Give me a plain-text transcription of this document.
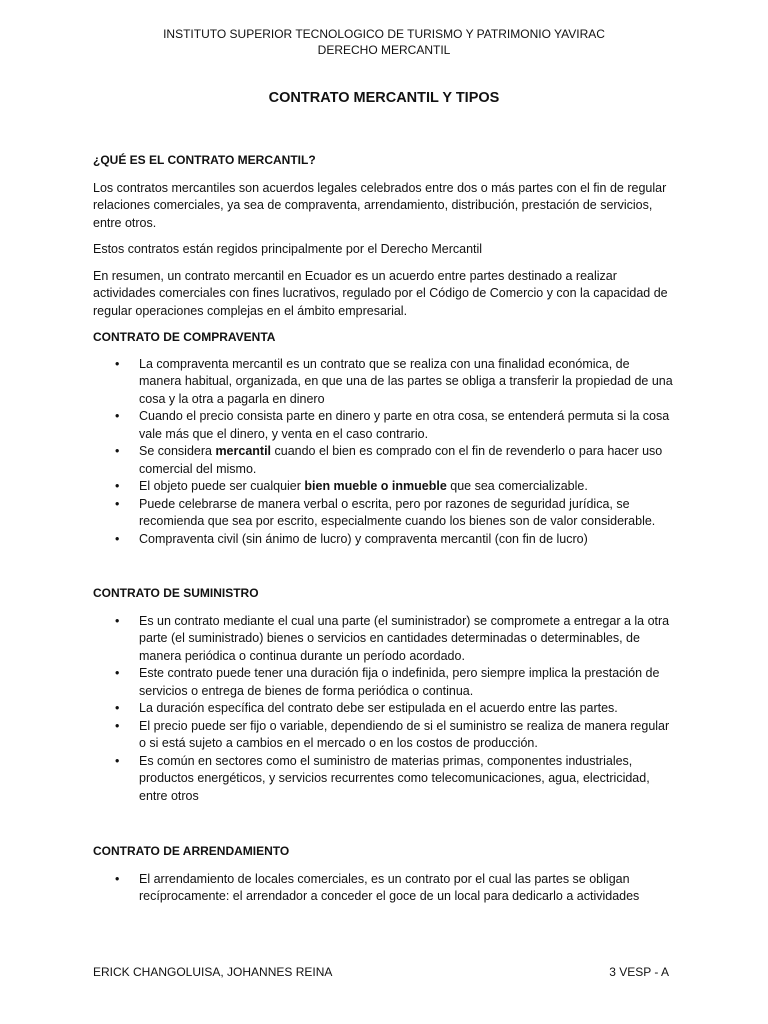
INSTITUTO SUPERIOR TECNOLOGICO DE TURISMO Y PATRIMONIO YAVIRAC
DERECHO MERCANTIL
CONTRATO MERCANTIL Y TIPOS

¿QUÉ ES EL CONTRATO MERCANTIL?

Los contratos mercantiles son acuerdos legales celebrados entre dos o más partes con el fin de regular relaciones comerciales, ya sea de compraventa, arrendamiento, distribución, prestación de servicios, entre otros.

Estos contratos están regidos principalmente por el Derecho Mercantil

En resumen, un contrato mercantil en Ecuador es un acuerdo entre partes destinado a realizar actividades comerciales con fines lucrativos, regulado por el Código de Comercio y con la capacidad de regular operaciones complejas en el ámbito empresarial.

CONTRATO DE COMPRAVENTA

• La compraventa mercantil es un contrato que se realiza con una finalidad económica, de manera habitual, organizada, en que una de las partes se obliga a transferir la propiedad de una cosa y la otra a pagarla en dinero
• Cuando el precio consista parte en dinero y parte en otra cosa, se entenderá permuta si la cosa vale más que el dinero, y venta en el caso contrario.
• Se considera mercantil cuando el bien es comprado con el fin de revenderlo o para hacer uso comercial del mismo.
• El objeto puede ser cualquier bien mueble o inmueble que sea comercializable.
• Puede celebrarse de manera verbal o escrita, pero por razones de seguridad jurídica, se recomienda que sea por escrito, especialmente cuando los bienes son de valor considerable.
• Compraventa civil (sin ánimo de lucro) y compraventa mercantil (con fin de lucro)

CONTRATO DE SUMINISTRO

• Es un contrato mediante el cual una parte (el suministrador) se compromete a entregar a la otra parte (el suministrado) bienes o servicios en cantidades determinadas o determinables, de manera periódica o continua durante un período acordado.
• Este contrato puede tener una duración fija o indefinida, pero siempre implica la prestación de servicios o entrega de bienes de forma periódica o continua.
• La duración específica del contrato debe ser estipulada en el acuerdo entre las partes.
• El precio puede ser fijo o variable, dependiendo de si el suministro se realiza de manera regular o si está sujeto a cambios en el mercado o en los costos de producción.
• Es común en sectores como el suministro de materias primas, componentes industriales, productos energéticos, y servicios recurrentes como telecomunicaciones, agua, electricidad, entre otros

CONTRATO DE ARRENDAMIENTO

• El arrendamiento de locales comerciales, es un contrato por el cual las partes se obligan recíprocamente: el arrendador a conceder el goce de un local para dedicarlo a actividades
ERICK CHANGOLUISA, JOHANNES REINA	3 VESP - A
